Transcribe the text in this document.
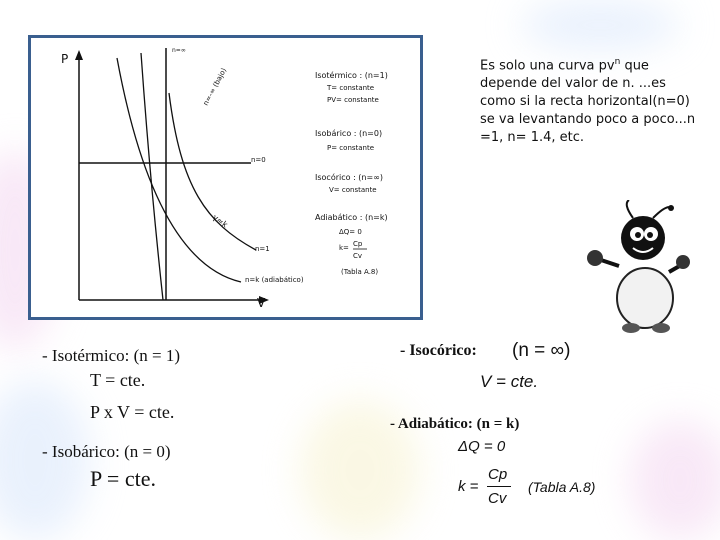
P
V
n=∞
n=0
n=-∞ (bajo)
n=1
γ≈k
n=k (adiabático)
Isotérmico : (n=1)
T= constante
PV= constante
Isobárico : (n=0)
P= constante
Isocórico : (n=∞)
V= constante
Adiabático : (n=k)
ΔQ= 0
k= Cp
Cv
(Tabla A.8)
Es solo una curva $pv^n$ que depende del valor de n. ...es como si la recta horizontal(n=0) se va levantando poco a poco...n =1, n= 1.4, etc.
- Isotérmico: (n = 1)
T = cte.
P x V = cte.
- Isobárico: (n = 0)
P = cte.
- Isocórico: (n = ∞)
V = cte.
- Adiabático: (n = k)
ΔQ = 0
k =
Cp
Cv
(Tabla A.8)
